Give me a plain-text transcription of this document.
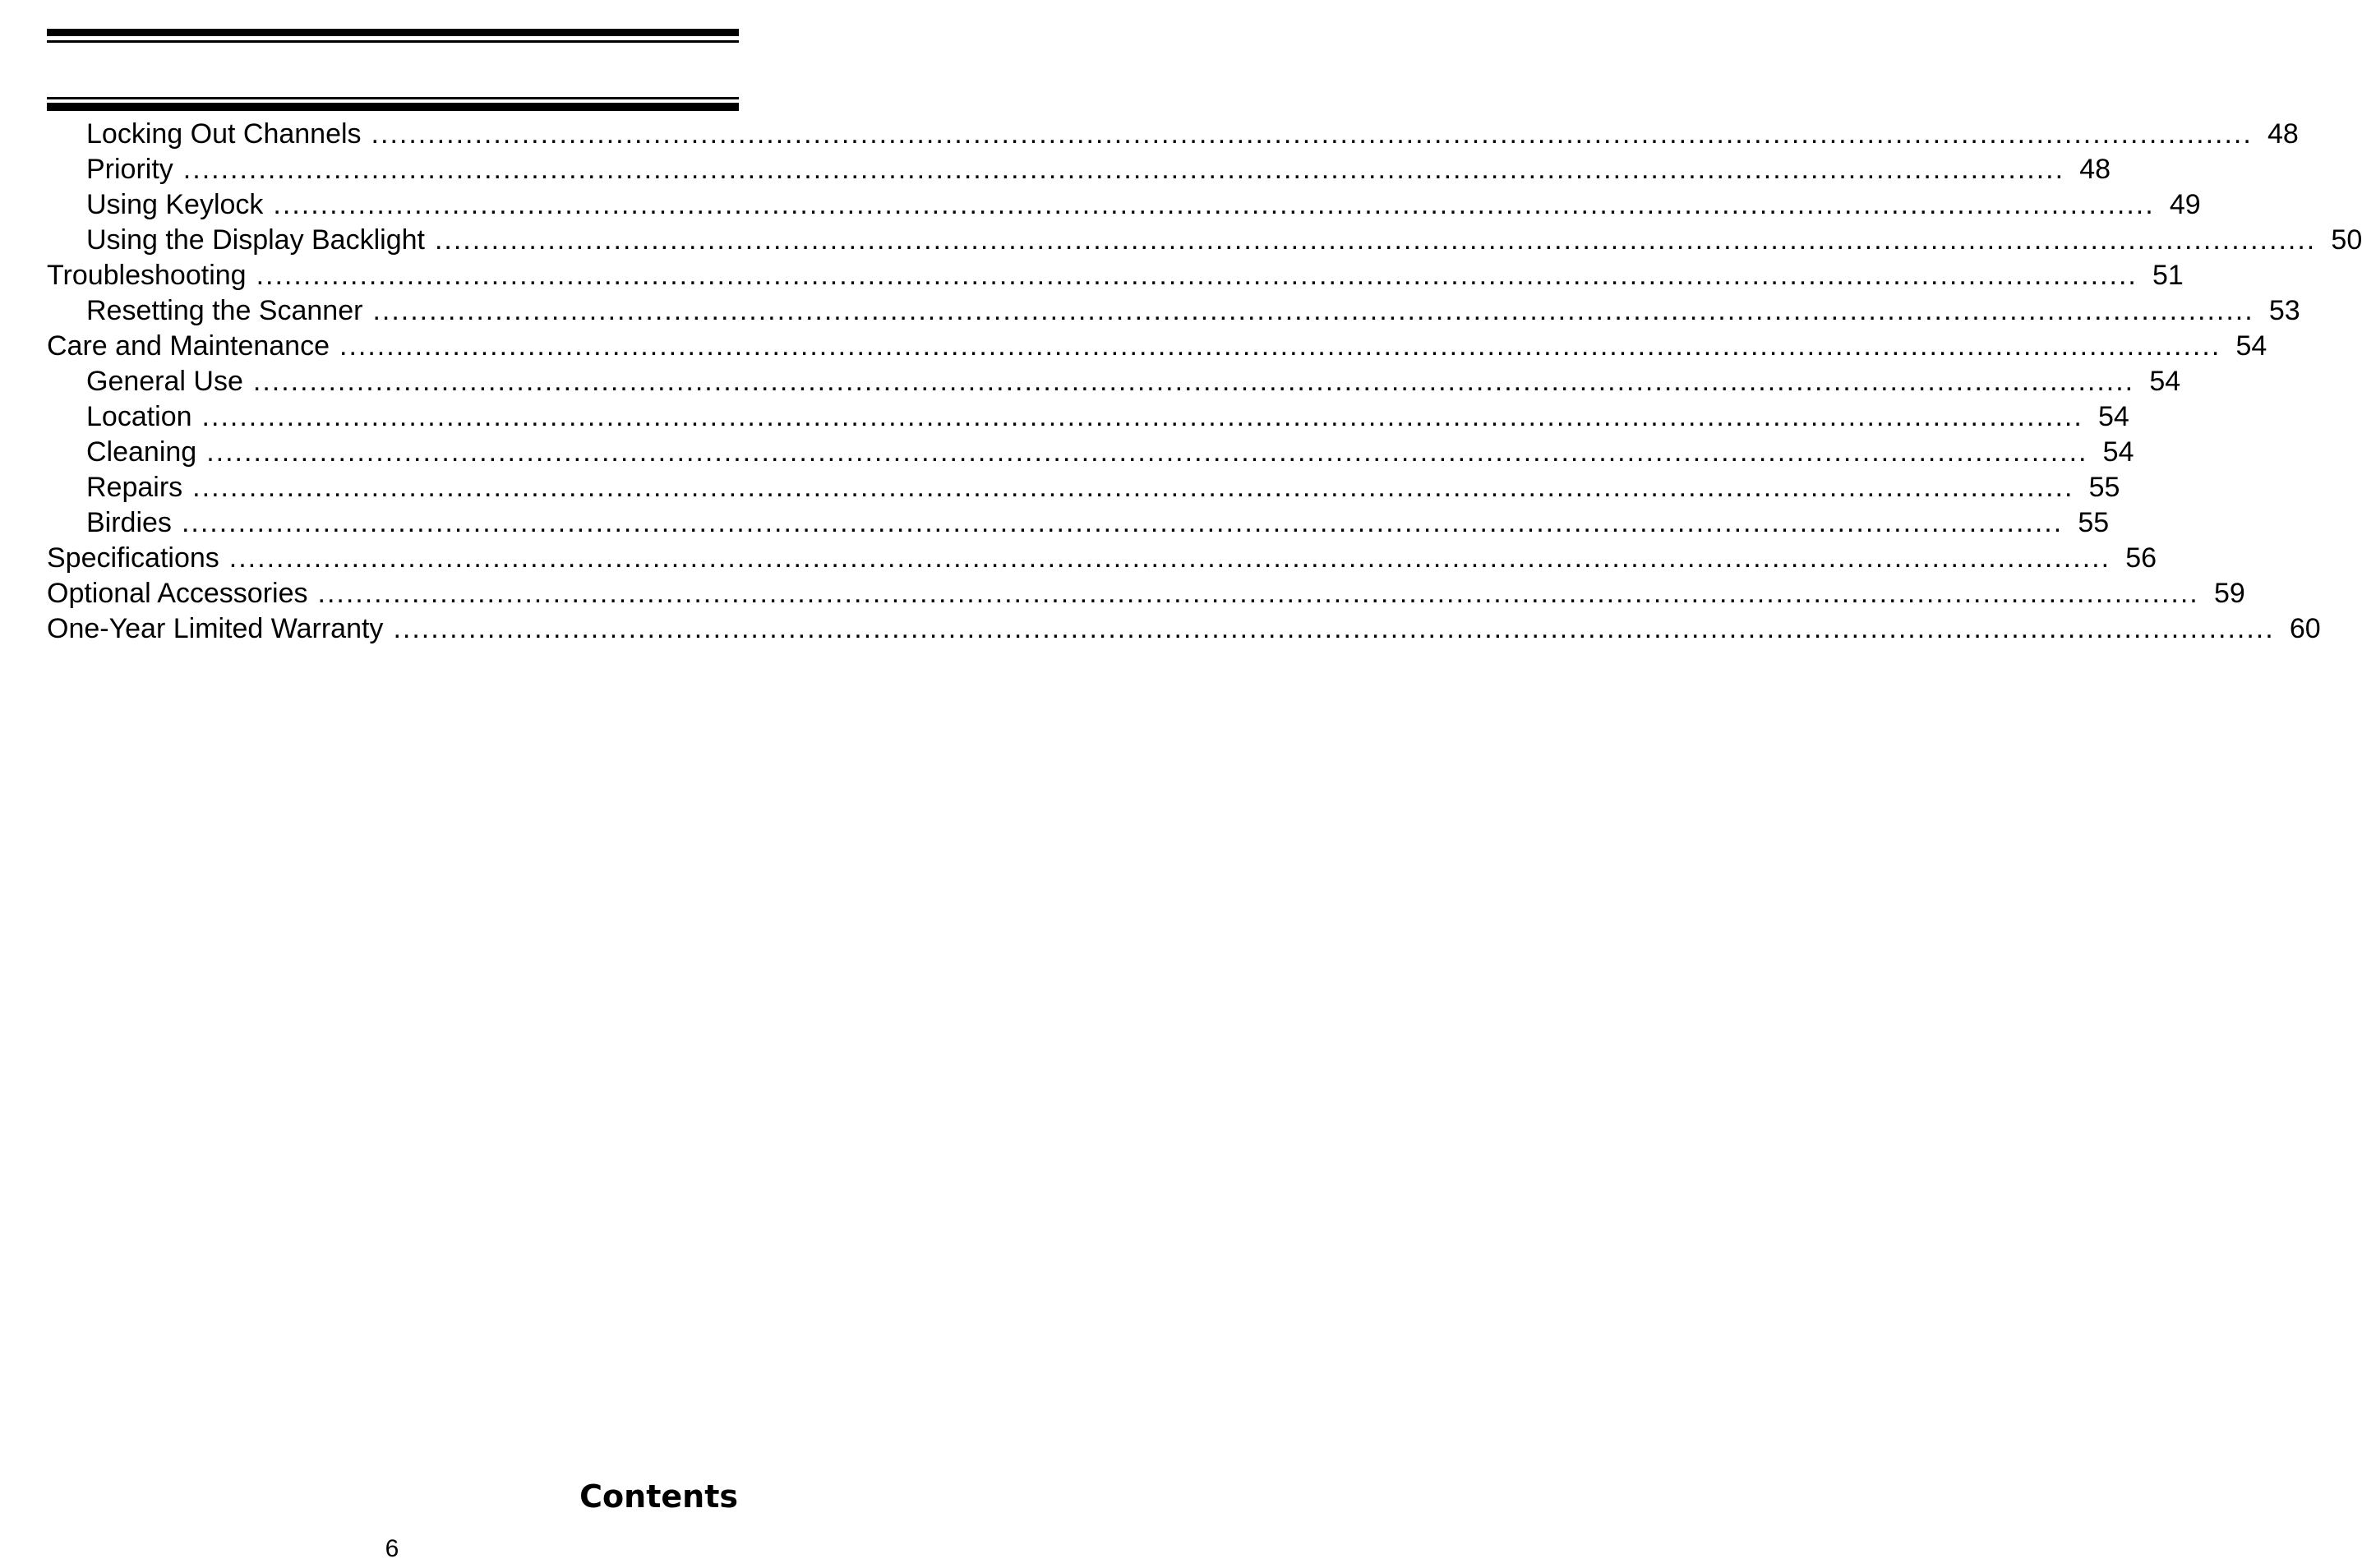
Locking Out Channels ........................................................................................................................................................................................................ 48
Priority ........................................................................................................................................................................................................ 48
Using Keylock ........................................................................................................................................................................................................ 49
Using the Display Backlight ........................................................................................................................................................................................................ 50
Troubleshooting ........................................................................................................................................................................................................ 51
Resetting the Scanner ........................................................................................................................................................................................................ 53
Care and Maintenance ........................................................................................................................................................................................................ 54
General Use ........................................................................................................................................................................................................ 54
Location ........................................................................................................................................................................................................ 54
Cleaning ........................................................................................................................................................................................................ 54
Repairs ........................................................................................................................................................................................................ 55
Birdies ........................................................................................................................................................................................................ 55
Specifications ........................................................................................................................................................................................................ 56
Optional Accessories ........................................................................................................................................................................................................ 59
One-Year Limited Warranty ........................................................................................................................................................................................................ 60
Contents
6
